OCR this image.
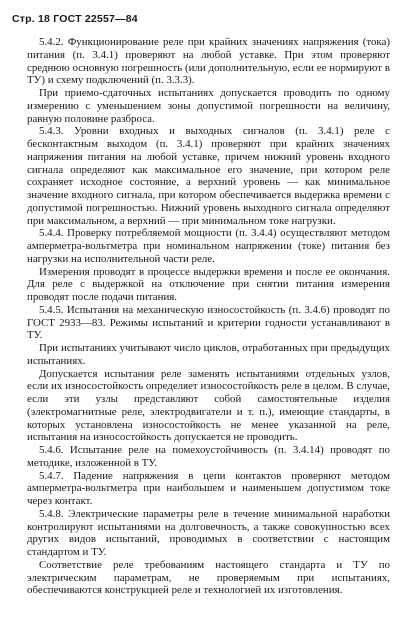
Стр. 18 ГОСТ 22557—84

5.4.2. Функционирование реле при крайних значениях напряжения (тока) питания (п. 3.4.1) проверяют на любой уставке. При этом проверяют среднюю основную погрешность (или дополнительную, если ее нормируют в ТУ) и схему подключений (п. 3.3.3).

При приемо-сдаточных испытаниях допускается проводить по одному измерению с уменьшением зоны допустимой погрешности на величину, равную половине разброса.

5.4.3. Уровни входных и выходных сигналов (п. 3.4.1) реле с бесконтактным выходом (п. 3.4.1) проверяют при крайних значениях напряжения питания на любой уставке, причем нижний уровень входного сигнала определяют как максимальное его значение, при котором реле сохраняет исходное состояние, а верхний уровень — как минимальное значение входного сигнала, при котором обеспечивается выдержка времени с допустимой погрешностью. Нижний уровень выходного сигнала определяют при максимальном, а верхний — при минимальном токе нагрузки.

5.4.4. Проверку потребляемой мощности (п. 3.4.4) осуществляют методом амперметра-вольтметра при номинальном напряжении (токе) питания без нагрузки на исполнительной части реле.

Измерения проводят в процессе выдержки времени и после ее окончания. Для реле с выдержкой на отключение при снятии питания измерения проводят после подачи питания.

5.4.5. Испытания на механическую износостойкость (п. 3.4.6) проводят по ГОСТ 2933—83. Режимы испытаний и критерии годности устанавливают в ТУ.

При испытаниях учитывают число циклов, отработанных при предыдущих испытаниях.

Допускается испытания реле заменять испытаниями отдельных узлов, если их износостойкость определяет износостойкость реле в целом. В случае, если эти узлы представляют собой самостоятельные изделия (электромагнитные реле, электродвигатели и т. п.), имеющие стандарты, в которых установлена износостойкость не менее указанной на реле, испытания на износостойкость допускается не проводить.

5.4.6. Испытание реле на помехоустойчивость (п. 3.4.14) проводят по методике, изложенной в ТУ.

5.4.7. Падение напряжения в цепи контактов проверяют методом амперметра-вольтметра при наибольшем и наименьшем допустимом токе через контакт.

5.4.8. Электрические параметры реле в течение минимальной наработки контролируют испытаниями на долговечность, а также совокупностью всех других видов испытаний, проводимых в соответствии с настоящим стандартом и ТУ.

Соответствие реле требованиям настоящего стандарта и ТУ по электрическим параметрам, не проверяемым при испытаниях, обеспечиваются конструкцией реле и технологией их изготовления.
